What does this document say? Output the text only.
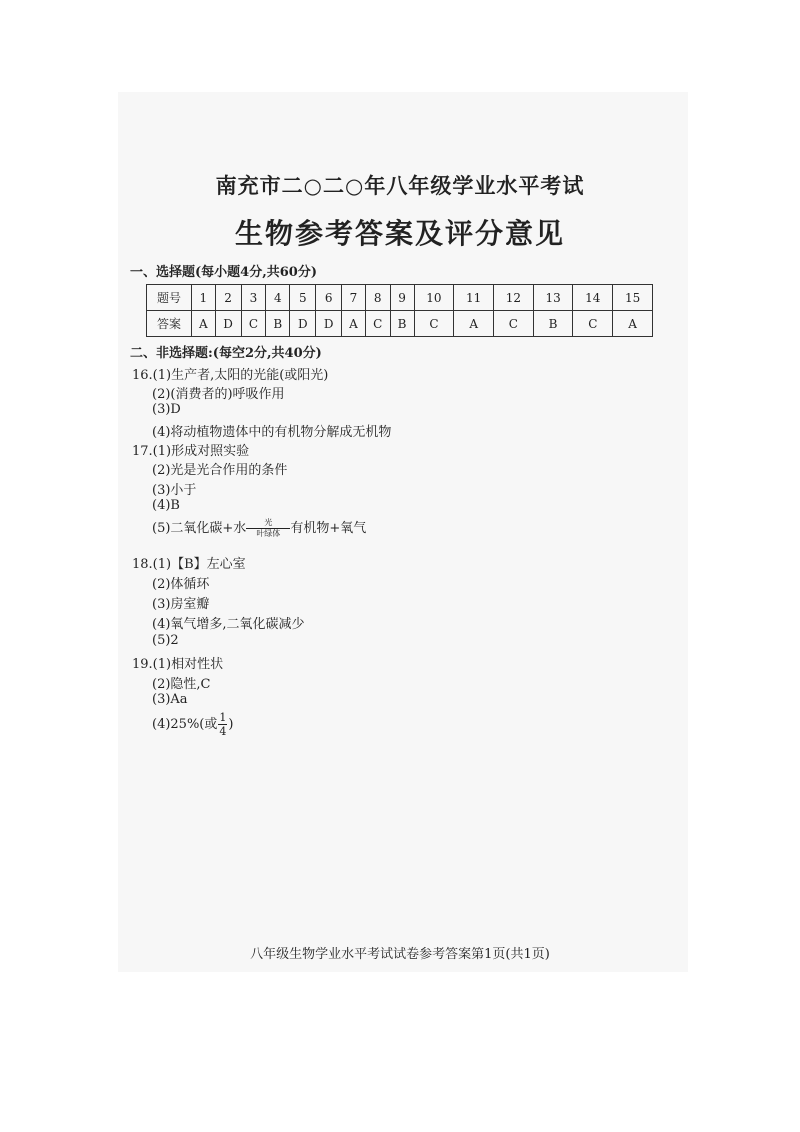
南充市二○二○年八年级学业水平考试
生物参考答案及评分意见
一、选择题(每小题4分,共60分)
题号	1	2	3	4	5	6	7	8	9	10	11	12	13	14	15
答案	A	D	C	B	D	D	A	C	B	C	A	C	B	C	A
二、非选择题:(每空2分,共40分)
16.(1)生产者,太阳的光能(或阳光)
(2)(消费者的)呼吸作用
(3)D
(4)将动植物遗体中的有机物分解成无机物
17.(1)形成对照实验
(2)光是光合作用的条件
(3)小于
(4)B
(5)二氧化碳+水	光
叶绿体 有机物+氧气
18.(1)【B】左心室
(2)体循环
(3)房室瓣
(4)氧气增多,二氧化碳减少
(5)2
19.(1)相对性状
(2)隐性,C
(3)Aa
(4)25%(或 $\frac{1}{4}$ )
八年级生物学业水平考试试卷参考答案第1页(共1页)
